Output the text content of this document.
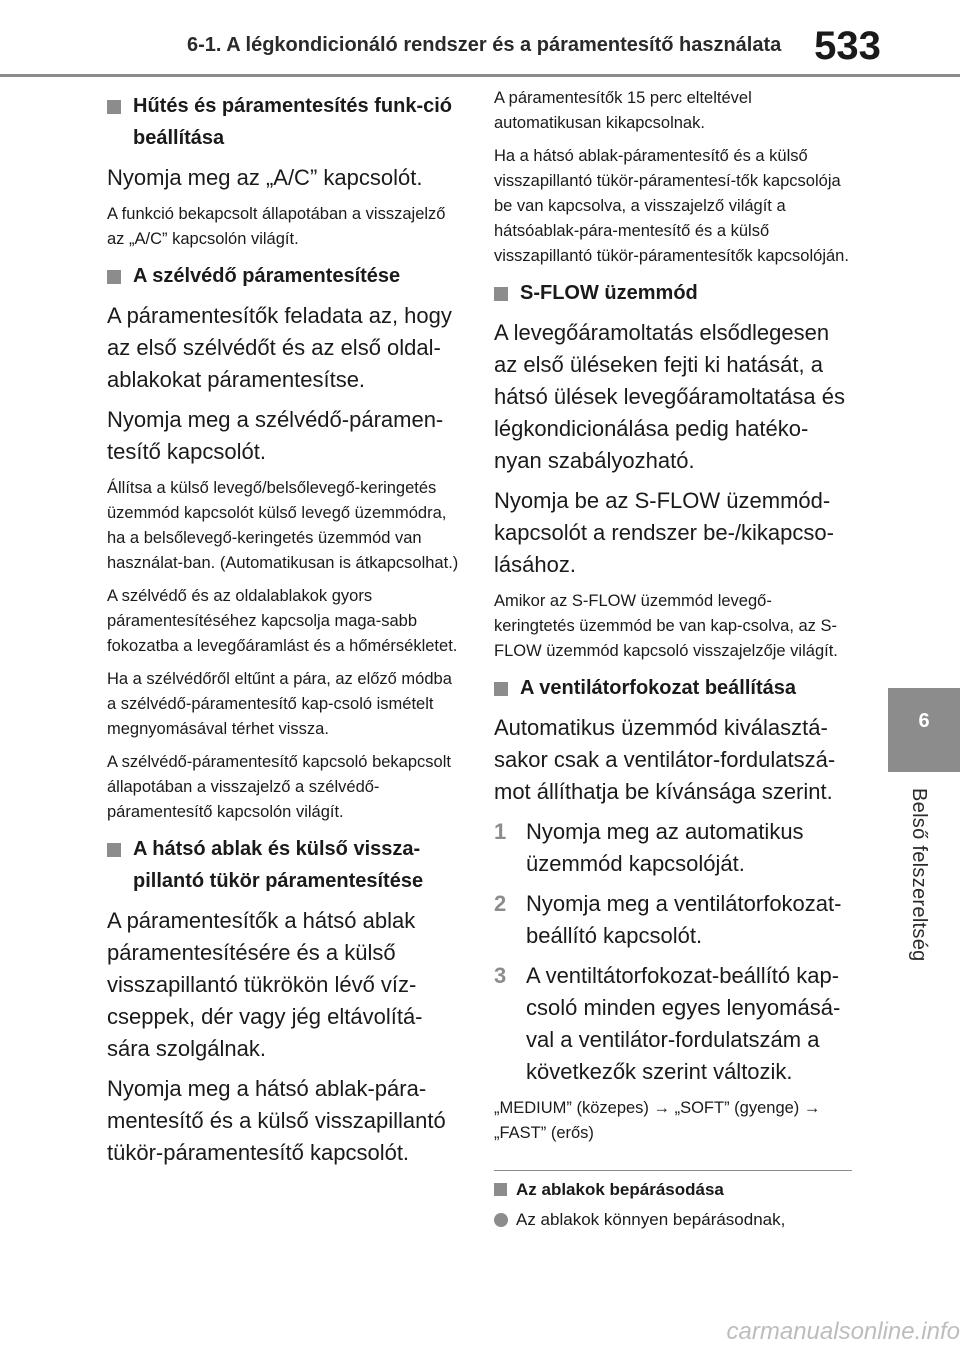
6-1. A légkondicionáló rendszer és a páramentesítő használata 533
6
Belső felszereltség
Hűtés és páramentesítés funk-ció beállítása

Nyomja meg az „A/C” kapcsolót.

A funkció bekapcsolt állapotában a visszajelző az „A/C” kapcsolón világít.

A szélvédő páramentesítése

A páramentesítők feladata az, hogy az első szélvédőt és az első oldal-ablakokat páramentesítse.

Nyomja meg a szélvédő-páramen-tesítő kapcsolót.

Állítsa a külső levegő/belsőlevegő-keringetés üzemmód kapcsolót külső levegő üzemmódra, ha a belsőlevegő-keringetés üzemmód van használat-ban. (Automatikusan is átkapcsolhat.)

A szélvédő és az oldalablakok gyors páramentesítéséhez kapcsolja maga-sabb fokozatba a levegőáramlást és a hőmérsékletet.

Ha a szélvédőről eltűnt a pára, az előző módba a szélvédő-páramentesítő kap-csoló ismételt megnyomásával térhet vissza.

A szélvédő-páramentesítő kapcsoló bekapcsolt állapotában a visszajelző a szélvédő-páramentesítő kapcsolón világít.

A hátsó ablak és külső vissza-pillantó tükör páramentesítése

A páramentesítők a hátsó ablak páramentesítésére és a külső visszapillantó tükrökön lévő víz-cseppek, dér vagy jég eltávolítá-sára szolgálnak.

Nyomja meg a hátsó ablak-pára-mentesítő és a külső visszapillantó tükör-páramentesítő kapcsolót.

A páramentesítők 15 perc elteltével automatikusan kikapcsolnak.

Ha a hátsó ablak-páramentesítő és a külső visszapillantó tükör-páramentesí-tők kapcsolója be van kapcsolva, a visszajelző világít a hátsóablak-pára-mentesítő és a külső visszapillantó tükör-páramentesítők kapcsolóján.

S-FLOW üzemmód

A levegőáramoltatás elsődlegesen az első üléseken fejti ki hatását, a hátsó ülések levegőáramoltatása és légkondicionálása pedig hatéko-nyan szabályozható.

Nyomja be az S-FLOW üzemmód-kapcsolót a rendszer be-/kikapcso-lásához.

Amikor az S-FLOW üzemmód levegő-keringtetés üzemmód be van kap-csolva, az S-FLOW üzemmód kapcsoló visszajelzője világít.

A ventilátorfokozat beállítása

Automatikus üzemmód kiválasztá-sakor csak a ventilátor-fordulatszá-mot állíthatja be kívánsága szerint.

1 Nyomja meg az automatikus üzemmód kapcsolóját.
2 Nyomja meg a ventilátorfokozat-beállító kapcsolót.
3 A ventiltátorfokozat-beállító kap-csoló minden egyes lenyomásá-val a ventilátor-fordulatszám a következők szerint változik.

„MEDIUM” (közepes) → „SOFT” (gyenge) → „FAST” (erős)

Az ablakok bepárásodása
Az ablakok könnyen bepárásodnak,
carmanualsonline.info
